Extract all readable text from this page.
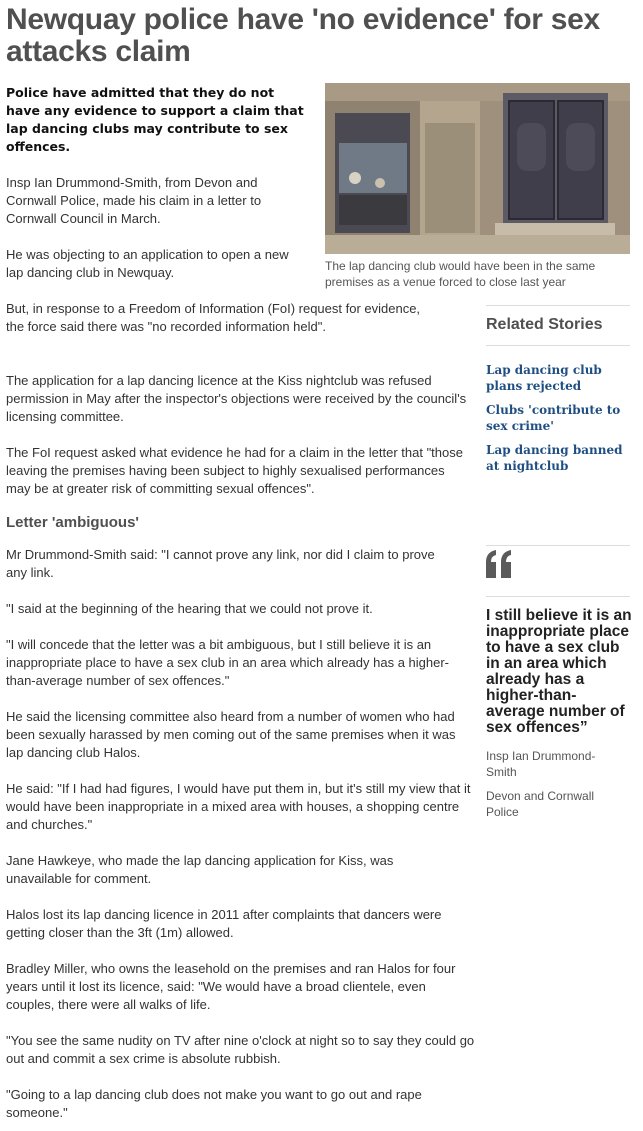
Newquay police have 'no evidence' for sex attacks claim

Police have admitted that they do not have any evidence to support a claim that lap dancing clubs may contribute to sex offences.

Insp Ian Drummond-Smith, from Devon and Cornwall Police, made his claim in a letter to Cornwall Council in March.

He was objecting to an application to open a new lap dancing club in Newquay.

But, in response to a Freedom of Information (FoI) request for evidence, the force said there was "no recorded information held".

The application for a lap dancing licence at the Kiss nightclub was refused permission in May after the inspector's objections were received by the council's licensing committee.

The FoI request asked what evidence he had for a claim in the letter that "those leaving the premises having been subject to highly sexualised performances may be at greater risk of committing sexual offences".

Letter 'ambiguous'

Mr Drummond-Smith said: "I cannot prove any link, nor did I claim to prove any link.

"I said at the beginning of the hearing that we could not prove it.

"I will concede that the letter was a bit ambiguous, but I still believe it is an inappropriate place to have a sex club in an area which already has a higher-than-average number of sex offences."

He said the licensing committee also heard from a number of women who had been sexually harassed by men coming out of the same premises when it was lap dancing club Halos.

He said: "If I had had figures, I would have put them in, but it's still my view that it would have been inappropriate in a mixed area with houses, a shopping centre and churches."

Jane Hawkeye, who made the lap dancing application for Kiss, was unavailable for comment.

Halos lost its lap dancing licence in 2011 after complaints that dancers were getting closer than the 3ft (1m) allowed.

Bradley Miller, who owns the leasehold on the premises and ran Halos for four years until it lost its licence, said: "We would have a broad clientele, even couples, there were all walks of life.

"You see the same nudity on TV after nine o'clock at night so to say they could go out and commit a sex crime is absolute rubbish.

"Going to a lap dancing club does not make you want to go out and rape someone."

The lap dancing club would have been in the same premises as a venue forced to close last year

Related Stories
Lap dancing club plans rejected
Clubs 'contribute to sex crime'
Lap dancing banned at nightclub

I still believe it is an inappropriate place to have a sex club in an area which already has a higher-than-average number of sex offences”

Insp Ian Drummond-Smith

Devon and Cornwall Police
